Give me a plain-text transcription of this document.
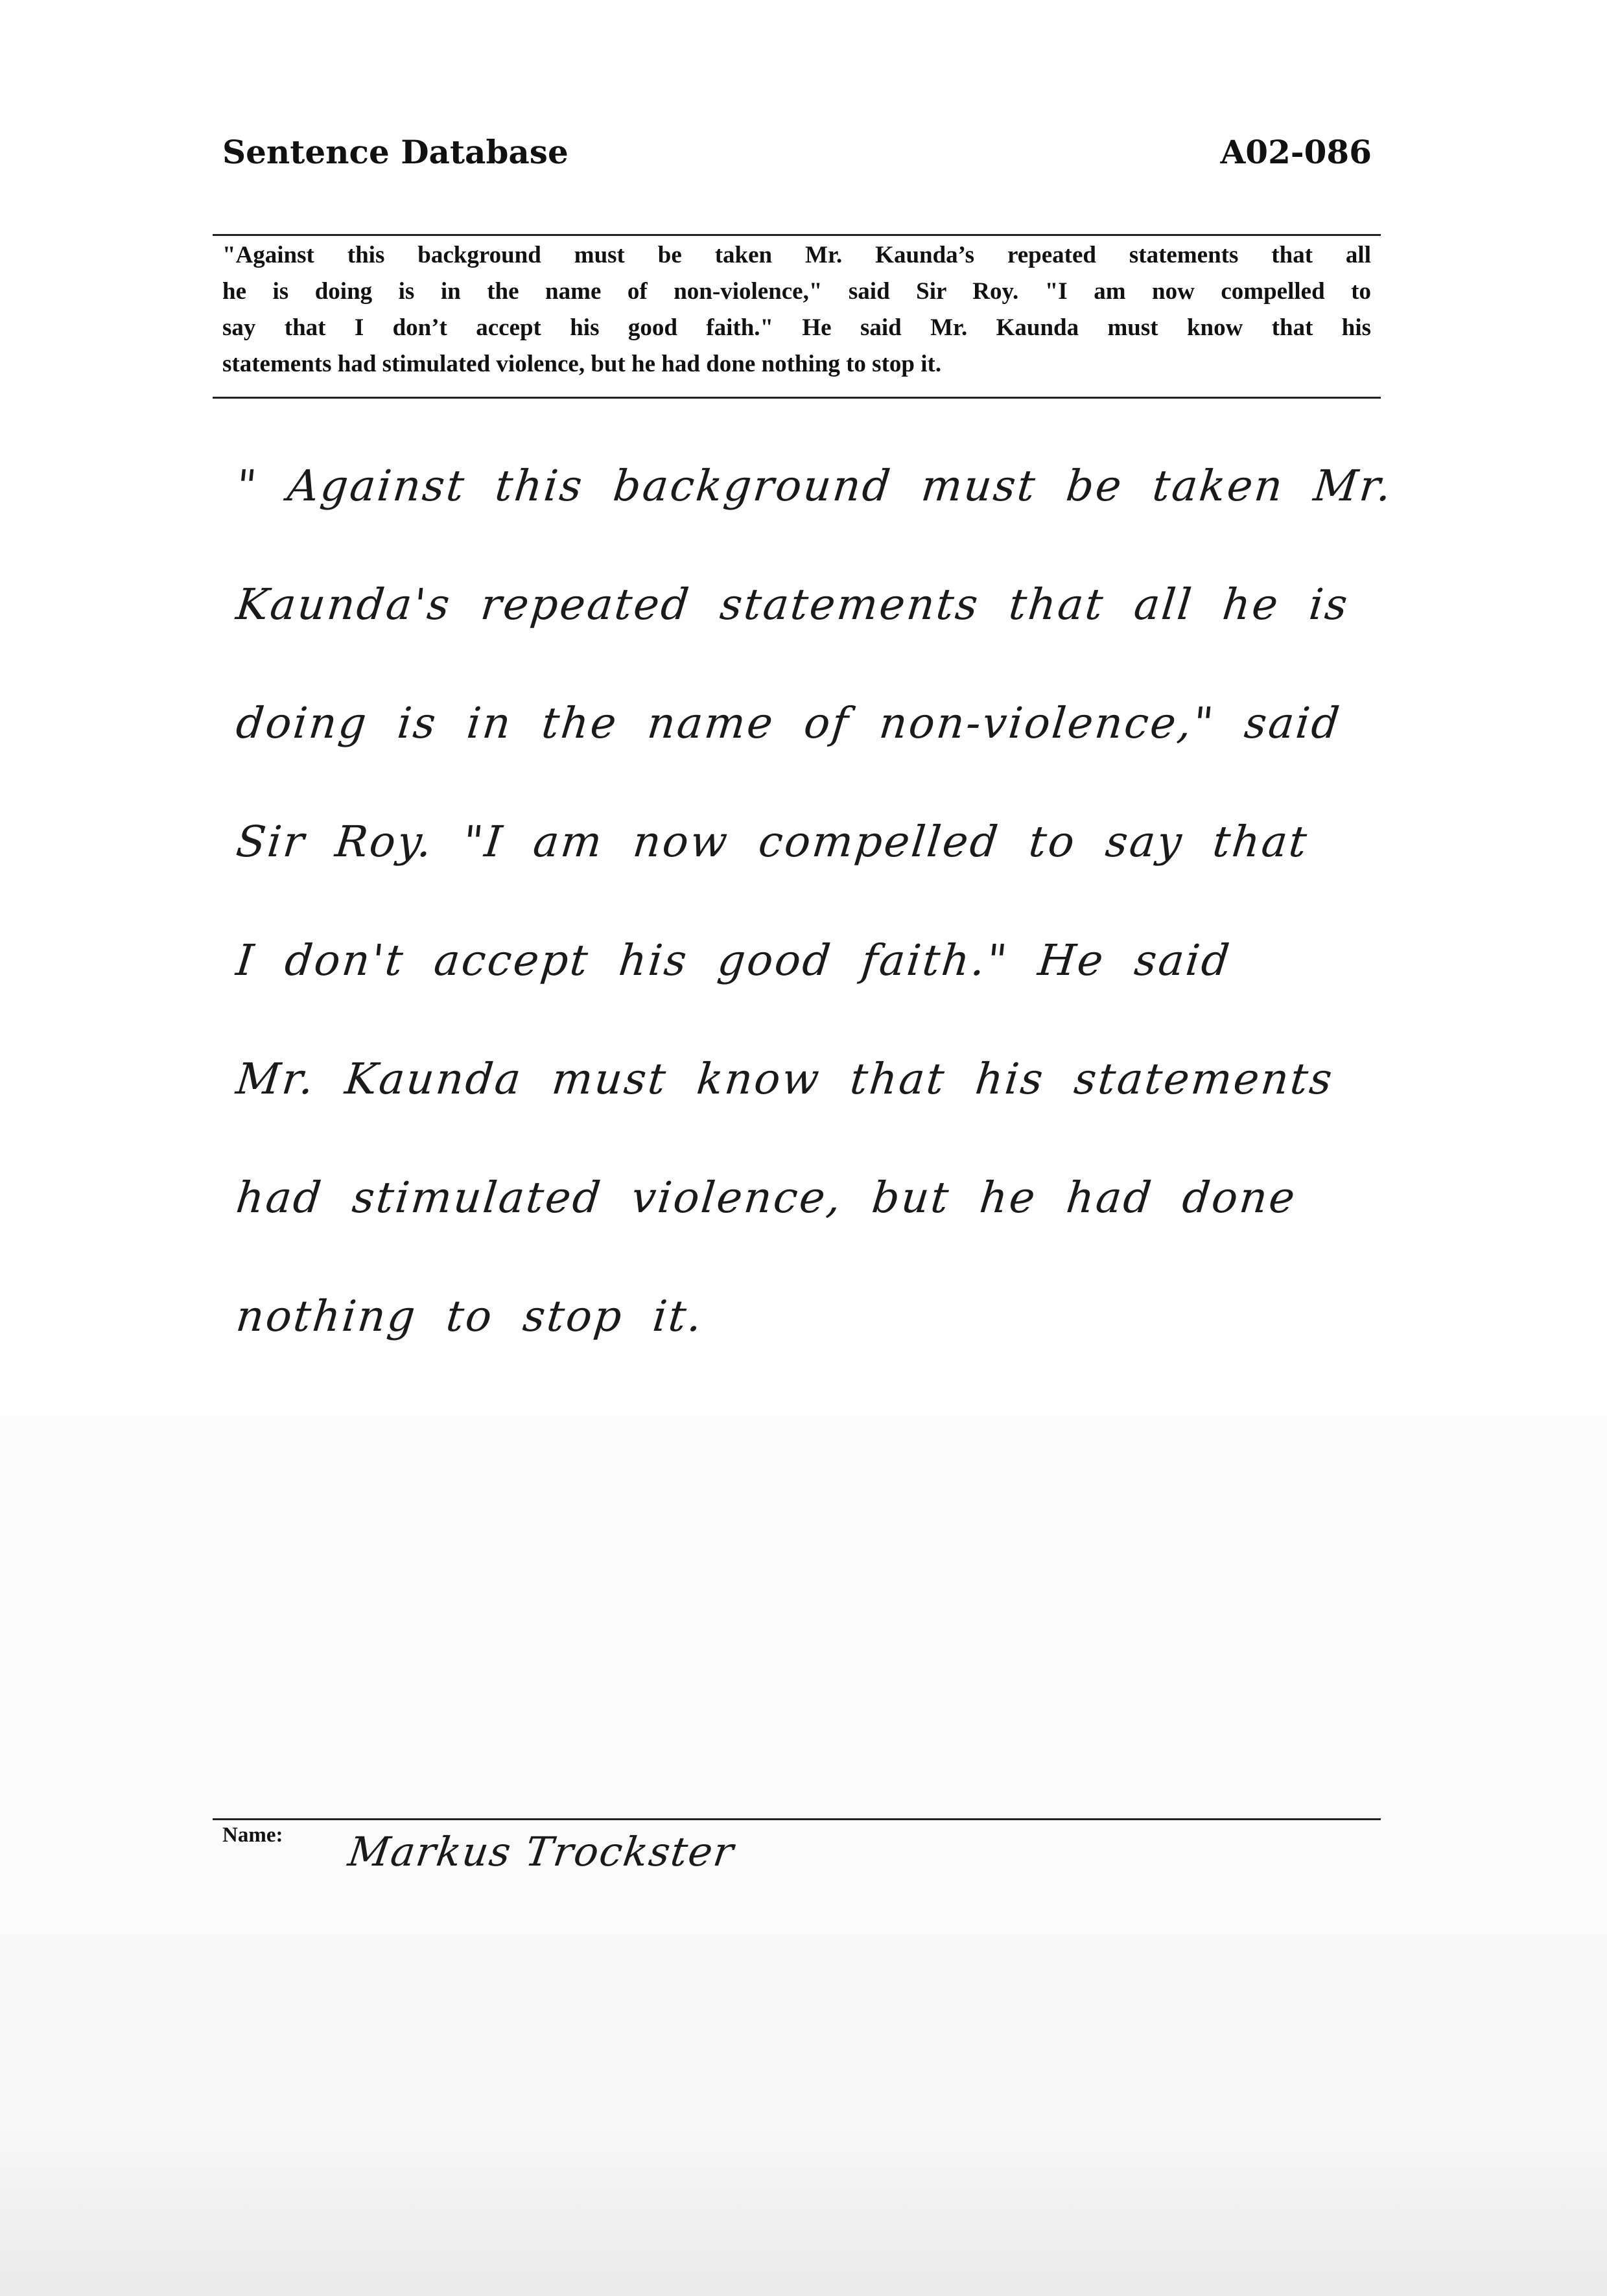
Sentence Database	A02-086
"Against this background must be taken Mr. Kaunda’s repeated statements that all
he is doing is in the name of non-violence," said Sir Roy. "I am now compelled to
say that I don’t accept his good faith." He said Mr. Kaunda must know that his
statements had stimulated violence, but he had done nothing to stop it.
" Against this background must be taken Mr.
Kaunda's repeated statements that all he is
doing is in the name of non-violence," said
Sir Roy. "I am now compelled to say that
I don't accept his good faith." He said
Mr. Kaunda must know that his statements
had stimulated violence, but he had done
nothing to stop it.
Name: Markus Trockster
